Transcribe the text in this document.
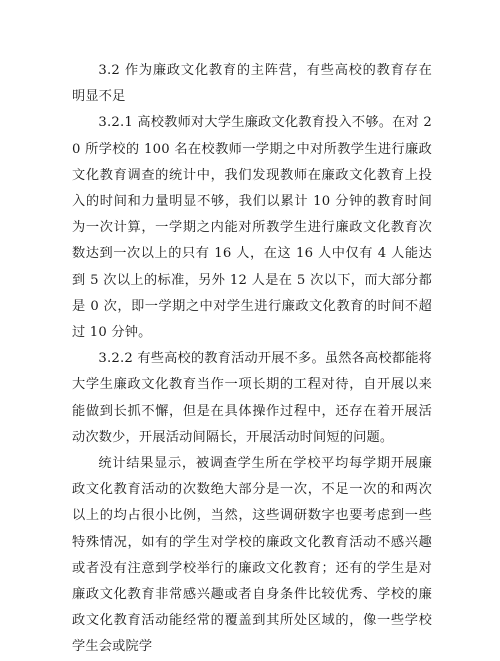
3.2 作为廉政文化教育的主阵营，有些高校的教育存在明显不足

3.2.1 高校教师对大学生廉政文化教育投入不够。在对 20 所学校的 100 名在校教师一学期之中对所教学生进行廉政文化教育调查的统计中，我们发现教师在廉政文化教育上投入的时间和力量明显不够，我们以累计 10 分钟的教育时间为一次计算，一学期之内能对所教学生进行廉政文化教育次数达到一次以上的只有 16 人，在这 16 人中仅有 4 人能达到 5 次以上的标准，另外 12 人是在 5 次以下，而大部分都是 0 次，即一学期之中对学生进行廉政文化教育的时间不超过 10 分钟。

3.2.2 有些高校的教育活动开展不多。虽然各高校都能将大学生廉政文化教育当作一项长期的工程对待，自开展以来能做到长抓不懈，但是在具体操作过程中，还存在着开展活动次数少，开展活动间隔长，开展活动时间短的问题。

统计结果显示，被调查学生所在学校平均每学期开展廉政文化教育活动的次数绝大部分是一次，不足一次的和两次以上的均占很小比例，当然，这些调研数字也要考虑到一些特殊情况，如有的学生对学校的廉政文化教育活动不感兴趣或者没有注意到学校举行的廉政文化教育；还有的学生是对廉政文化教育非常感兴趣或者自身条件比较优秀、学校的廉政文化教育活动能经常的覆盖到其所处区域的，像一些学校学生会或院学
